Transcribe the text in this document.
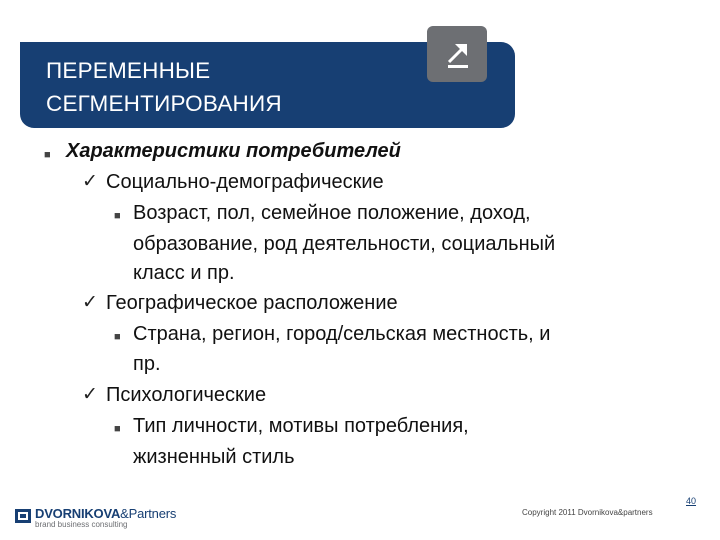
ПЕРЕМЕННЫЕ
СЕГМЕНТИРОВАНИЯ
■ Характеристики потребителей
✓ Социально-демографические
■ Возраст, пол, семейное положение, доход,
образование, род деятельности, социальный
класс и пр.
✓ Географическое расположение
■ Страна, регион, город/сельская местность, и
пр.
✓ Психологические
■ Тип личности, мотивы потребления,
жизненный стиль
DVORNIKOVA&Partners
brand business consulting
Copyright 2011 Dvornikova&partners
40
